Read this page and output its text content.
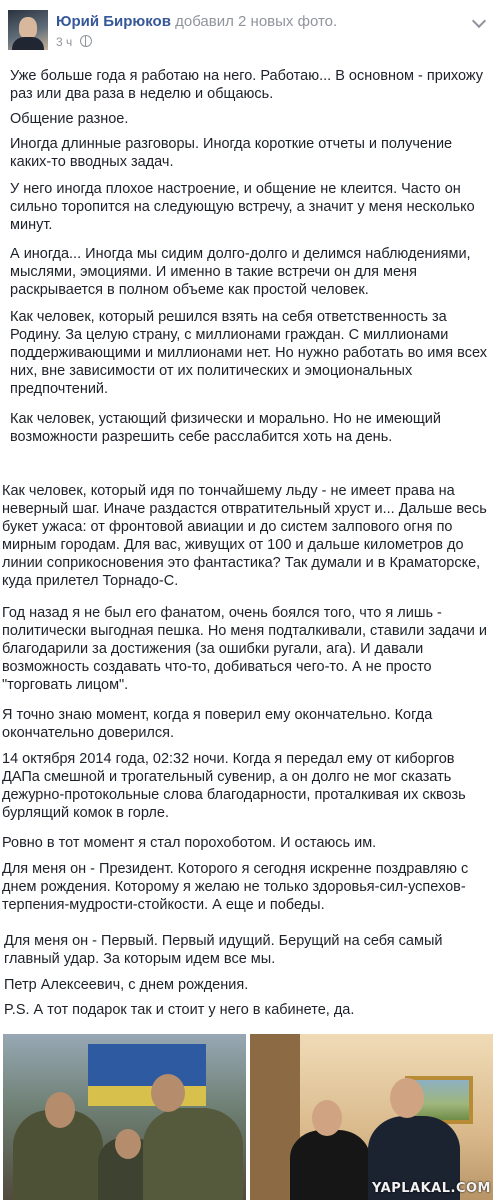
Юрий Бирюков добавил 2 новых фото.
3 ч

Уже больше года я работаю на него. Работаю... В основном - прихожу раз или два раза в неделю и общаюсь.

Общение разное.

Иногда длинные разговоры. Иногда короткие отчеты и получение каких-то вводных задач.

У него иногда плохое настроение, и общение не клеится. Часто он сильно торопится на следующую встречу, а значит у меня несколько минут.

А иногда... Иногда мы сидим долго-долго и делимся наблюдениями, мыслями, эмоциями. И именно в такие встречи он для меня раскрывается в полном объеме как простой человек.

Как человек, который решился взять на себя ответственность за Родину. За целую страну, с миллионами граждан. С миллионами поддерживающими и миллионами нет. Но нужно работать во имя всех них, вне зависимости от их политических и эмоциональных предпочтений.

Как человек, устающий физически и морально. Но не имеющий возможности разрешить себе расслабится хоть на день.

Как человек, который идя по тончайшему льду - не имеет права на неверный шаг. Иначе раздастся отвратительный хруст и... Дальше весь букет ужаса: от фронтовой авиации и до систем залпового огня по мирным городам. Для вас, живущих от 100 и дальше километров до линии соприкосновения это фантастика? Так думали и в Краматорске, куда прилетел Торнадо-С.

Год назад я не был его фанатом, очень боялся того, что я лишь - политически выгодная пешка. Но меня подталкивали, ставили задачи и благодарили за достижения (за ошибки ругали, ага). И давали возможность создавать что-то, добиваться чего-то. А не просто "торговать лицом".

Я точно знаю момент, когда я поверил ему окончательно. Когда окончательно доверился.

14 октября 2014 года, 02:32 ночи. Когда я передал ему от киборгов ДАПа смешной и трогательный сувенир, а он долго не мог сказать дежурно-протокольные слова благодарности, проталкивая их сквозь бурлящий комок в горле.

Ровно в тот момент я стал порохоботом. И остаюсь им.

Для меня он - Президент. Которого я сегодня искренне поздравляю с днем рождения. Которому я желаю не только здоровья-сил-успехов-терпения-мудрости-стойкости. А еще и победы.

Для меня он - Первый. Первый идущий. Берущий на себя самый главный удар. За которым идем все мы.

Петр Алексеевич, с днем рождения.

P.S. А тот подарок так и стоит у него в кабинете, да.

YAPLAKAL.COM
